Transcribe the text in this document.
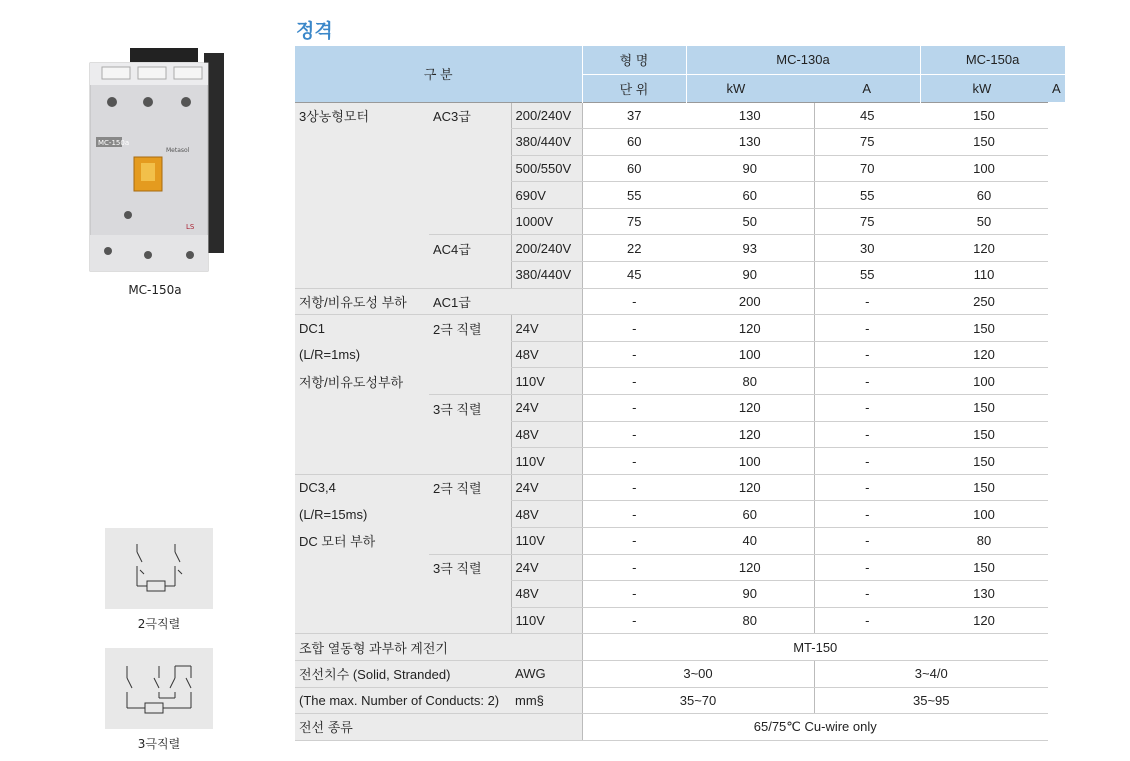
MC-150a
Metasol
LS
MC-150a
2극직렬
3극직렬
정격
구 분			형 명	MC-130a		MC-150a	
			단 위	kW	A	kW	A
3상농형모터	AC3급	200/240V	37	130	45	150	
		380/440V	60	130	75	150	
		500/550V	60	90	70	100	
		690V	55	60	55	60	
		1000V	75	50	75	50	
	AC4급	200/240V	22	93	30	120	
		380/440V	45	90	55	110	
저항/비유도성 부하	AC1급		-	200	-	250	
DC1	2극 직렬	24V	-	120	-	150	
(L/R=1ms)		48V	-	100	-	120	
저항/비유도성부하		110V	-	80	-	100	
	3극 직렬	24V	-	120	-	150	
		48V	-	120	-	150	
		110V	-	100	-	150	
DC3,4	2극 직렬	24V	-	120	-	150	
(L/R=15ms)		48V	-	60	-	100	
DC 모터 부하		110V	-	40	-	80	
	3극 직렬	24V	-	120	-	150	
		48V	-	90	-	130	
		110V	-	80	-	120	
조합 열동형 과부하 계전기			MT-150				
전선치수 (Solid, Stranded)		AWG	3~00		3~4/0		
(The max. Number of Conducts: 2)		mm§	35~70		35~95		
전선 종류			65/75℃ Cu-wire only				
